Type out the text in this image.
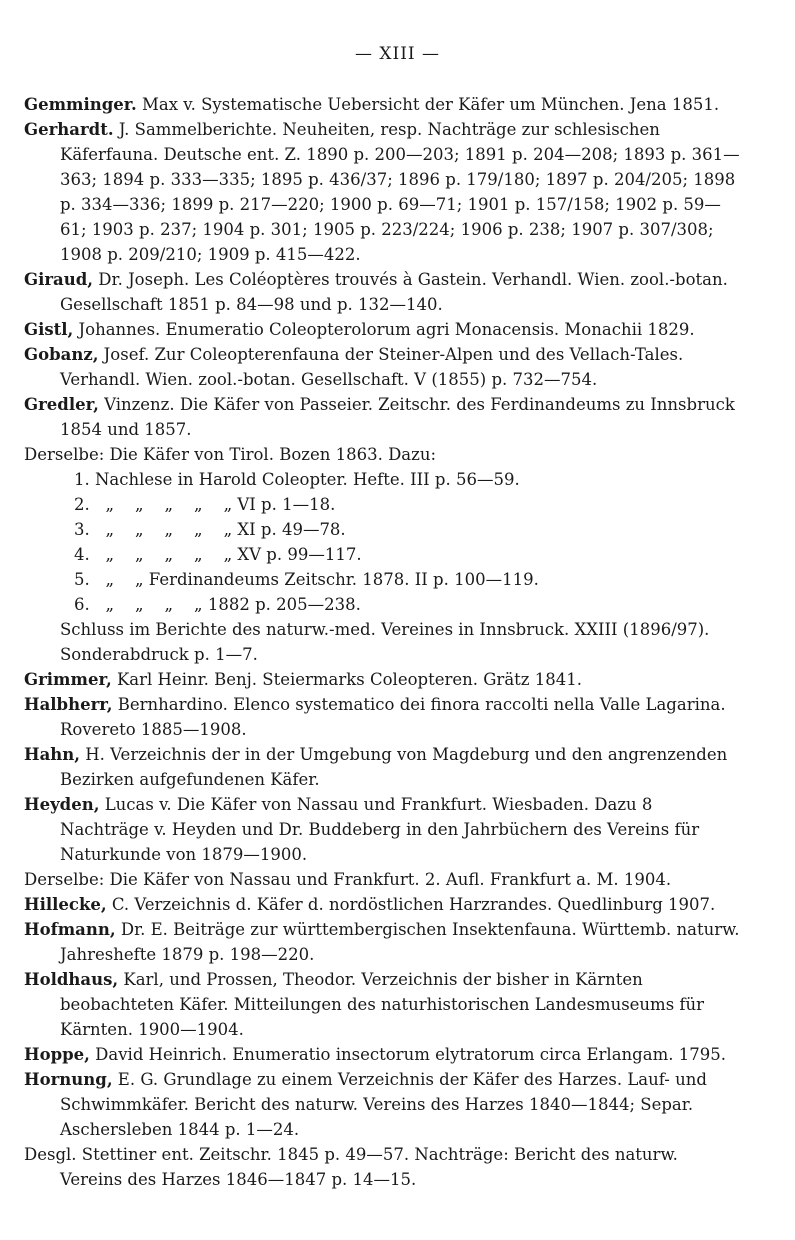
— XIII —

Gemminger. Max v. Systematische Uebersicht der Käfer um München. Jena 1851.

Gerhardt. J. Sammelberichte. Neuheiten, resp. Nachträge zur schlesischen Käferfauna. Deutsche ent. Z. 1890 p. 200—203; 1891 p. 204—208; 1893 p. 361—363; 1894 p. 333—335; 1895 p. 436/37; 1896 p. 179/180; 1897 p. 204/205; 1898 p. 334—336; 1899 p. 217—220; 1900 p. 69—71; 1901 p. 157/158; 1902 p. 59—61; 1903 p. 237; 1904 p. 301; 1905 p. 223/224; 1906 p. 238; 1907 p. 307/308; 1908 p. 209/210; 1909 p. 415—422.

Giraud, Dr. Joseph. Les Coléoptères trouvés à Gastein. Verhandl. Wien. zool.-botan. Gesellschaft 1851 p. 84—98 und p. 132—140.

Gistl, Johannes. Enumeratio Coleopterolorum agri Monacensis. Monachii 1829.

Gobanz, Josef. Zur Coleopterenfauna der Steiner-Alpen und des Vellach-Tales. Verhandl. Wien. zool.-botan. Gesellschaft. V (1855) p. 732—754.

Gredler, Vinzenz. Die Käfer von Passeier. Zeitschr. des Ferdinandeums zu Innsbruck 1854 und 1857.

Derselbe: Die Käfer von Tirol. Bozen 1863. Dazu:
1. Nachlese in Harold Coleopter. Hefte. III p. 56—59.
2.   „    „    „    „    „ VI p. 1—18.
3.   „    „    „    „    „ XI p. 49—78.
4.   „    „    „    „    „ XV p. 99—117.
5.   „    „ Ferdinandeums Zeitschr. 1878. II p. 100—119.
6.   „    „    „    „ 1882 p. 205—238.
Schluss im Berichte des naturw.-med. Vereines in Innsbruck. XXIII (1896/97).
Sonderabdruck p. 1—7.

Grimmer, Karl Heinr. Benj. Steiermarks Coleopteren. Grätz 1841.

Halbherr, Bernhardino. Elenco systematico dei finora raccolti nella Valle Lagarina. Rovereto 1885—1908.

Hahn, H. Verzeichnis der in der Umgebung von Magdeburg und den angrenzenden Bezirken aufgefundenen Käfer.

Heyden, Lucas v. Die Käfer von Nassau und Frankfurt. Wiesbaden. Dazu 8 Nachträge v. Heyden und Dr. Buddeberg in den Jahrbüchern des Vereins für Naturkunde von 1879—1900.

Derselbe: Die Käfer von Nassau und Frankfurt. 2. Aufl. Frankfurt a. M. 1904.

Hillecke, C. Verzeichnis d. Käfer d. nordöstlichen Harzrandes. Quedlinburg 1907.

Hofmann, Dr. E. Beiträge zur württembergischen Insektenfauna. Württemb. naturw. Jahreshefte 1879 p. 198—220.

Holdhaus, Karl, und Prossen, Theodor. Verzeichnis der bisher in Kärnten beobachteten Käfer. Mitteilungen des naturhistorischen Landesmuseums für Kärnten. 1900—1904.

Hoppe, David Heinrich. Enumeratio insectorum elytratorum circa Erlangam. 1795.

Hornung, E. G. Grundlage zu einem Verzeichnis der Käfer des Harzes. Lauf- und Schwimmkäfer. Bericht des naturw. Vereins des Harzes 1840—1844; Separ. Aschersleben 1844 p. 1—24.

Desgl. Stettiner ent. Zeitschr. 1845 p. 49—57. Nachträge: Bericht des naturw. Vereins des Harzes 1846—1847 p. 14—15.
